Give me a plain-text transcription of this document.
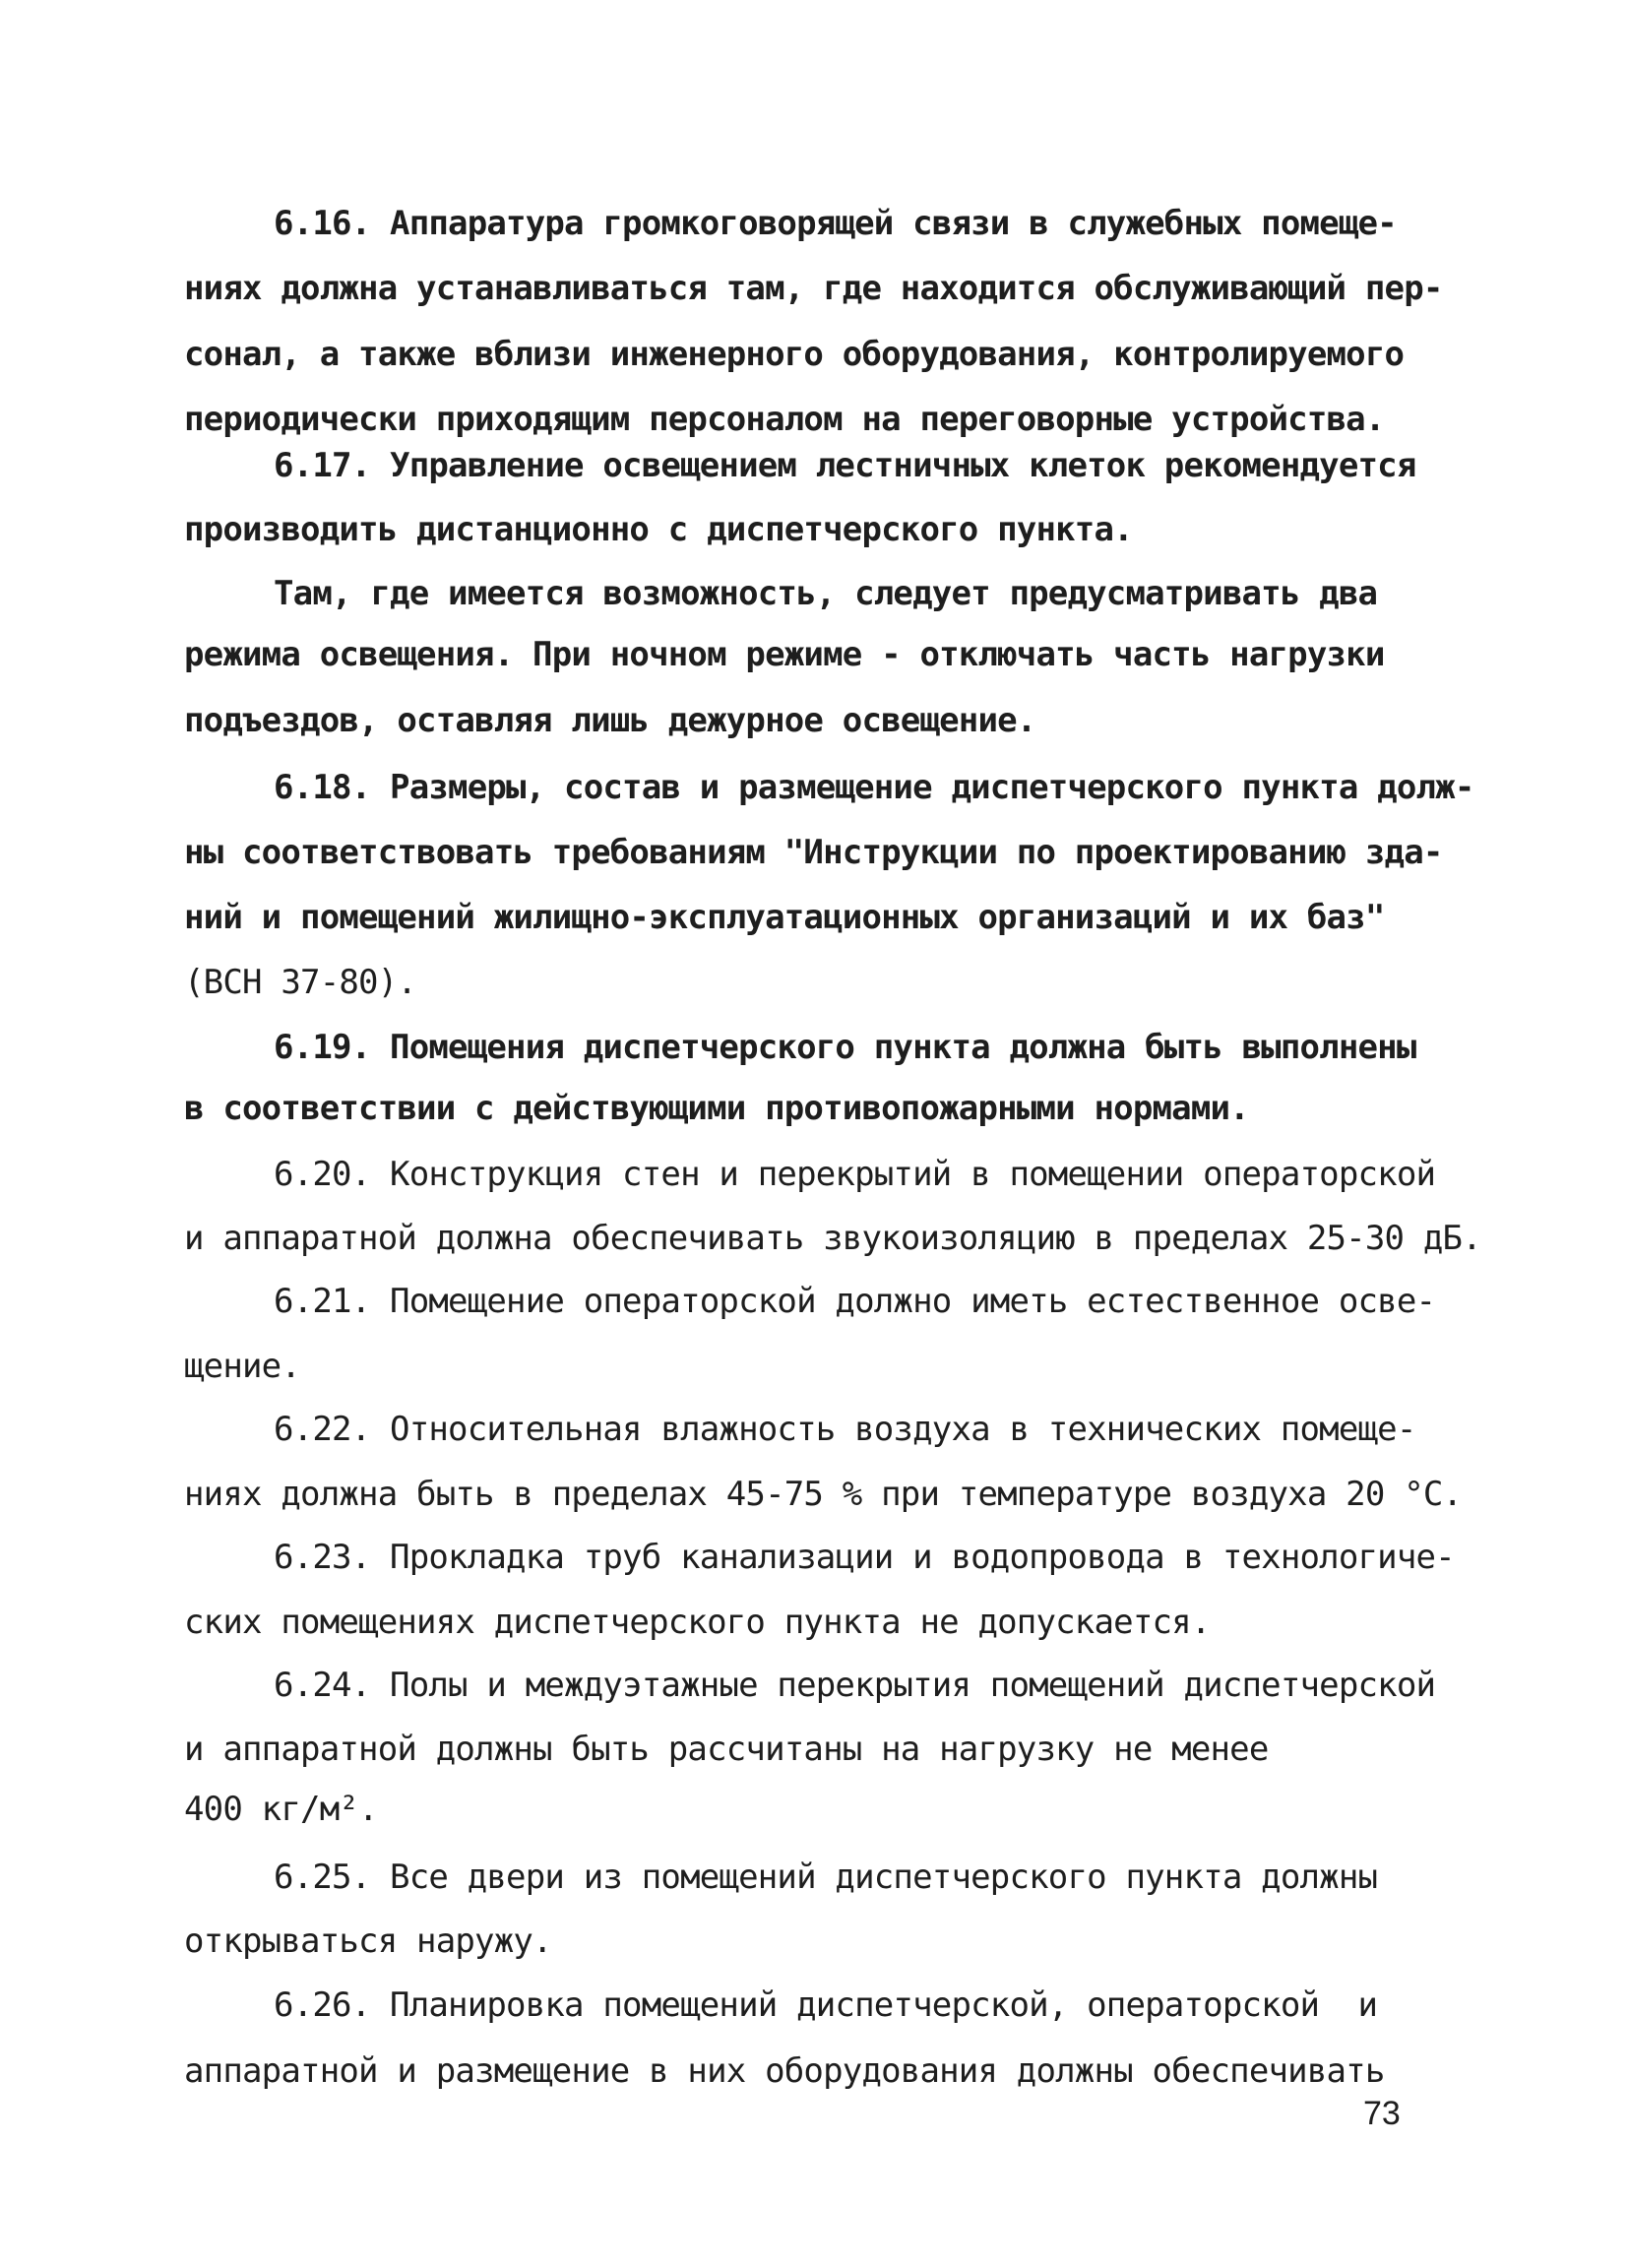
6.16. Аппаратура громкоговорящей связи в служебных помеще-
ниях должна устанавливаться там, где находится обслуживающий пер-
сонал, а также вблизи инженерного оборудования, контролируемого
периодически приходящим персоналом на переговорные устройства.
6.17. Управление освещением лестничных клеток рекомендуется
производить дистанционно с диспетчерского пункта.
Там, где имеется возможность, следует предусматривать два
режима освещения. При ночном режиме - отключать часть нагрузки
подъездов, оставляя лишь дежурное освещение.
6.18. Размеры, состав и размещение диспетчерского пункта долж-
ны соответствовать требованиям "Инструкции по проектированию зда-
ний и помещений жилищно-эксплуатационных организаций и их баз"
(ВСН 37-80).
6.19. Помещения диспетчерского пункта должна быть выполнены
в соответствии с действующими противопожарными нормами.
6.20. Конструкция стен и перекрытий в помещении операторской
и аппаратной должна обеспечивать звукоизоляцию в пределах 25-30 дБ.
6.21. Помещение операторской должно иметь естественное осве-
щение.
6.22. Относительная влажность воздуха в технических помеще-
ниях должна быть в пределах 45-75 % при температуре воздуха 20 °С.
6.23. Прокладка труб канализации и водопровода в технологиче-
ских помещениях диспетчерского пункта не допускается.
6.24. Полы и междуэтажные перекрытия помещений диспетчерской
и аппаратной должны быть рассчитаны на нагрузку не менее
400 кг/м².
6.25. Все двери из помещений диспетчерского пункта должны
открываться наружу.
6.26. Планировка помещений диспетчерской, операторской  и
аппаратной и размещение в них оборудования должны обеспечивать
73
